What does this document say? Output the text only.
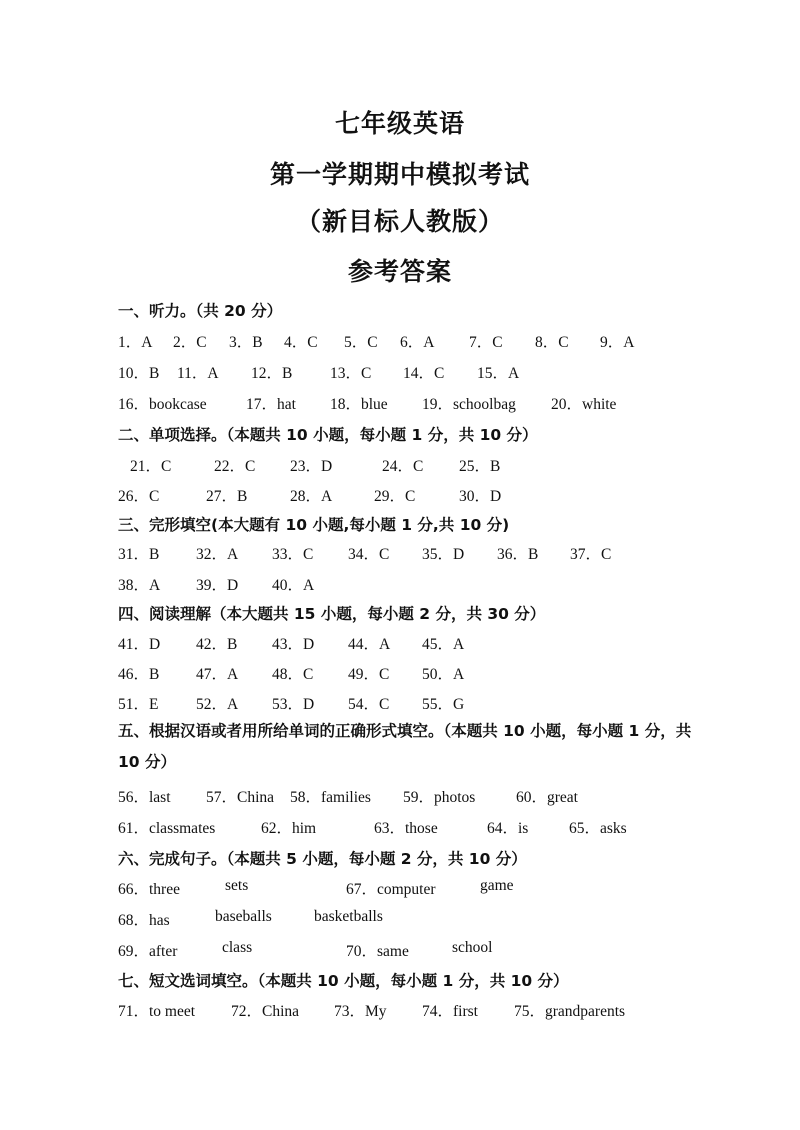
七年级英语
第一学期期中模拟考试
（新目标人教版）
参考答案
一、听力。（共 20 分）
1．A 2．C 3．B 4．C 5．C 6．A 7．C 8．C 9．A
10．B 11．A 12．B 13．C 14．C 15．A
16．bookcase	17．hat 18．blue 19．schoolbag 20．white
二、单项选择。（本题共 10 小题，每小题 1 分，共 10 分）
21．C	22．C 23．D	24．C 25．B
26．C	27．B	28．A	29．C	30．D
三、完形填空(本大题有 10 小题,每小题 1 分,共 10 分)
31．B 32．A 33．C 34．C 35．D 36．B 37．C
38．A 39．D 40．A
四、阅读理解（本大题共 15 小题，每小题 2 分，共 30 分）
41．D 42．B 43．D 44．A 45．A
46．B 47．A 48．C 49．C 50．A
51．E 52．A 53．D 54．C 55．G
五、根据汉语或者用所给单词的正确形式填空。（本题共 10 小题，每小题 1 分，共 10 分）
56．last 57．China 58．families 59．photos	60．great
61．classmates	62．him	63．those	64．is	65．asks
六、完成句子。（本题共 5 小题，每小题 2 分，共 10 分）
66．three	sets	67．computer	game
68．has	baseballs	basketballs
69．after	class	70．same	school
七、短文选词填空。（本题共 10 小题，每小题 1 分，共 10 分）
71．to meet 72．China 73．My 74．first 75．grandparents
